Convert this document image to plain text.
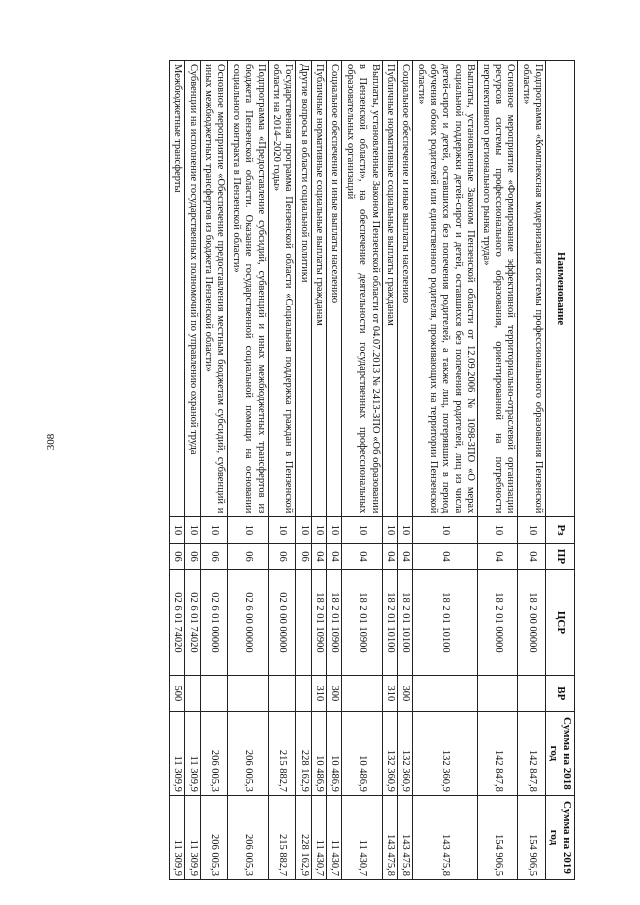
308
Наименование	Рз	ПР	ЦСР	ВР	Сумма на 2018 год	Сумма на 2019 год
Подпрограмма «Комплексная модернизация системы профессионального образования Пензенской области»	10	04	18 2 00 00000		142 847,8	154 906,5
Основное мероприятие «Формирование эффективной территориально-отраслевой организации ресурсов системы профессионального образования, ориентированной на потребности перспективного регионального рынка труда»	10	04	18 2 01 00000		142 847,8	154 906,5
Выплаты, установленные Законом Пензенской области от 12.09.2006 № 1098-ЗПО «О мерах социальной поддержки детей-сирот и детей, оставшихся без попечения родителей, лиц из числа детей-сирот и детей, оставшихся без попечения родителей, а также лиц, потерявших в период обучения обоих родителей или единственного родителя, проживающих на территории Пензенской области»	10	04	18 2 01 10100		132 360,9	143 475,8
Социальное обеспечение и иные выплаты населению	10	04	18 2 01 10100	300	132 360,9	143 475,8
Публичные нормативные социальные выплаты гражданам	10	04	18 2 01 10100	310	132 360,9	143 475,8
Выплаты, установленные Законом Пензенской области от 04.07.2013 № 2413-ЗПО «Об образовании в Пензенской области», на обеспечение деятельности государственных профессиональных образовательных организаций	10	04	18 2 01 10900		10 486,9	11 430,7
Социальное обеспечение и иные выплаты населению	10	04	18 2 01 10900	300	10 486,9	11 430,7
Публичные нормативные социальные выплаты гражданам	10	04	18 2 01 10900	310	10 486,9	11 430,7
Другие вопросы в области социальной политики	10	06			228 162,9	228 162,9
Государственная программа Пензенской области «Социальная поддержка граждан в Пензенской области на 2014–2020 годы»	10	06	02 0 00 00000		215 882,7	215 882,7
Подпрограмма «Предоставление субсидий, субвенций и иных межбюджетных трансфертов из бюджета Пензенской области. Оказание государственной социальной помощи на основании социального контракта в Пензенской области»	10	06	02 6 00 00000		206 005,3	206 005,3
Основное мероприятие «Обеспечение предоставления местным бюджетам субсидий, субвенций и иных межбюджетных трансфертов из бюджета Пензенской области»	10	06	02 6 01 00000		206 005,3	206 005,3
Субвенции на исполнение государственных полномочий по управлению охраной труда	10	06	02 6 01 74020		11 309,9	11 309,9
Межбюджетные трансферты	10	06	02 6 01 74020	500	11 309,9	11 309,9
